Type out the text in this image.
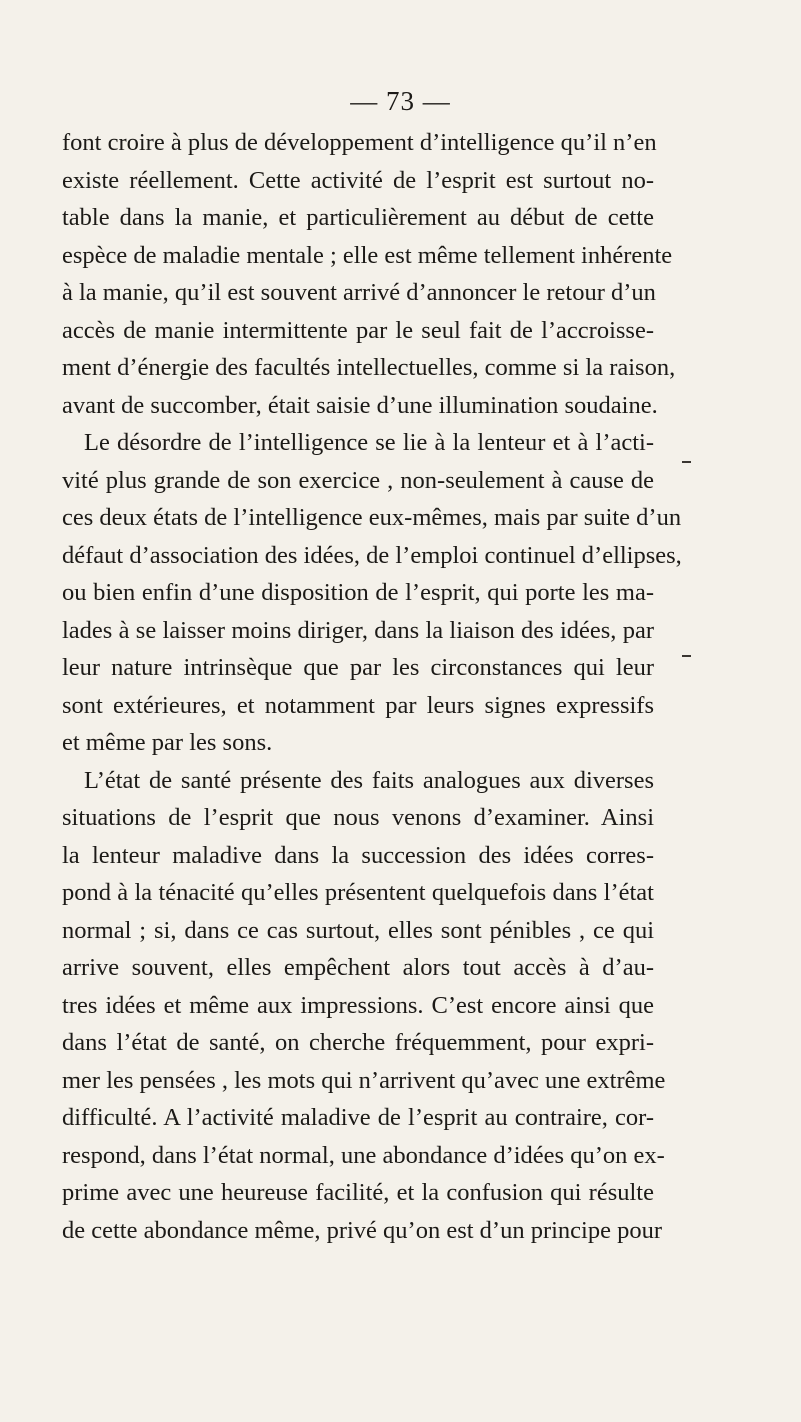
— 73 —
font croire à plus de développement d’intelligence qu’il n’en
existe réellement. Cette activité de l’esprit est surtout no-
table dans la manie, et particulièrement au début de cette
espèce de maladie mentale ; elle est même tellement inhérente
à la manie, qu’il est souvent arrivé d’annoncer le retour d’un
accès de manie intermittente par le seul fait de l’accroisse-
ment d’énergie des facultés intellectuelles, comme si la raison,
avant de succomber, était saisie d’une illumination soudaine.
Le désordre de l’intelligence se lie à la lenteur et à l’acti-
vité plus grande de son exercice , non-seulement à cause de
ces deux états de l’intelligence eux-mêmes, mais par suite d’un
défaut d’association des idées, de l’emploi continuel d’ellipses,
ou bien enfin d’une disposition de l’esprit, qui porte les ma-
lades à se laisser moins diriger, dans la liaison des idées, par
leur nature intrinsèque que par les circonstances qui leur
sont extérieures, et notamment par leurs signes expressifs
et même par les sons.
L’état de santé présente des faits analogues aux diverses
situations de l’esprit que nous venons d’examiner. Ainsi
la lenteur maladive dans la succession des idées corres-
pond à la ténacité qu’elles présentent quelquefois dans l’état
normal ; si, dans ce cas surtout, elles sont pénibles , ce qui
arrive souvent, elles empêchent alors tout accès à d’au-
tres idées et même aux impressions. C’est encore ainsi que
dans l’état de santé, on cherche fréquemment, pour expri-
mer les pensées , les mots qui n’arrivent qu’avec une extrême
difficulté. A l’activité maladive de l’esprit au contraire, cor-
respond, dans l’état normal, une abondance d’idées qu’on ex-
prime avec une heureuse facilité, et la confusion qui résulte
de cette abondance même, privé qu’on est d’un principe pour
